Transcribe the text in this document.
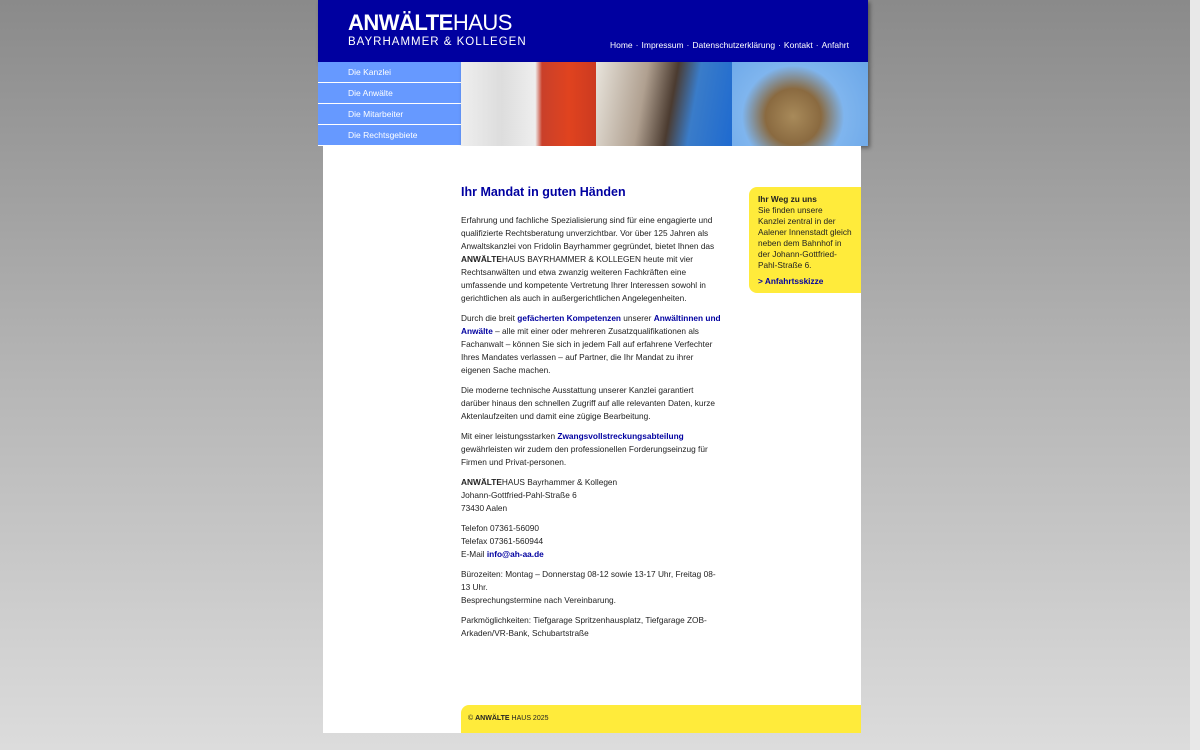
ANWÄLTEHAUS
BAYRHAMMER & KOLLEGEN	Home · Impressum · Datenschutzerklärung · Kontakt · Anfahrt
Die Kanzlei
Die Anwälte
Die Mitarbeiter
Die Rechtsgebiete
Ihr Mandat in guten Händen

Erfahrung und fachliche Spezialisierung sind für eine engagierte und qualifizierte Rechtsberatung unverzichtbar. Vor über 125 Jahren als Anwaltskanzlei von Fridolin Bayrhammer gegründet, bietet Ihnen das ANWÄLTEHAUS BAYRHAMMER & KOLLEGEN heute mit vier Rechtsanwälten und etwa zwanzig weiteren Fachkräften eine umfassende und kompetente Vertretung Ihrer Interessen sowohl in gerichtlichen als auch in außergerichtlichen Angelegenheiten.

Durch die breit gefächerten Kompetenzen unserer Anwältinnen und Anwälte – alle mit einer oder mehreren Zusatzqualifikationen als Fachanwalt – können Sie sich in jedem Fall auf erfahrene Verfechter Ihres Mandates verlassen – auf Partner, die Ihr Mandat zu ihrer eigenen Sache machen.

Die moderne technische Ausstattung unserer Kanzlei garantiert darüber hinaus den schnellen Zugriff auf alle relevanten Daten, kurze Aktenlaufzeiten und damit eine zügige Bearbeitung.

Mit einer leistungsstarken Zwangsvollstreckungsabteilung gewährleisten wir zudem den professionellen Forderungseinzug für Firmen und Privat-personen.

ANWÄLTEHAUS Bayrhammer & Kollegen
Johann-Gottfried-Pahl-Straße 6
73430 Aalen

Telefon 07361-56090
Telefax 07361-560944
E-Mail info@ah-aa.de

Bürozeiten: Montag – Donnerstag 08-12 sowie 13-17 Uhr, Freitag 08-13 Uhr.
Besprechungstermine nach Vereinbarung.

Parkmöglichkeiten: Tiefgarage Spritzenhausplatz, Tiefgarage ZOB-Arkaden/VR-Bank, Schubartstraße

Ihr Weg zu uns
Sie finden unsere Kanzlei zentral in der Aalener Innenstadt gleich neben dem Bahnhof in der Johann-Gottfried-Pahl-Straße 6.
> Anfahrtsskizze
© ANWÄLTE HAUS 2025
